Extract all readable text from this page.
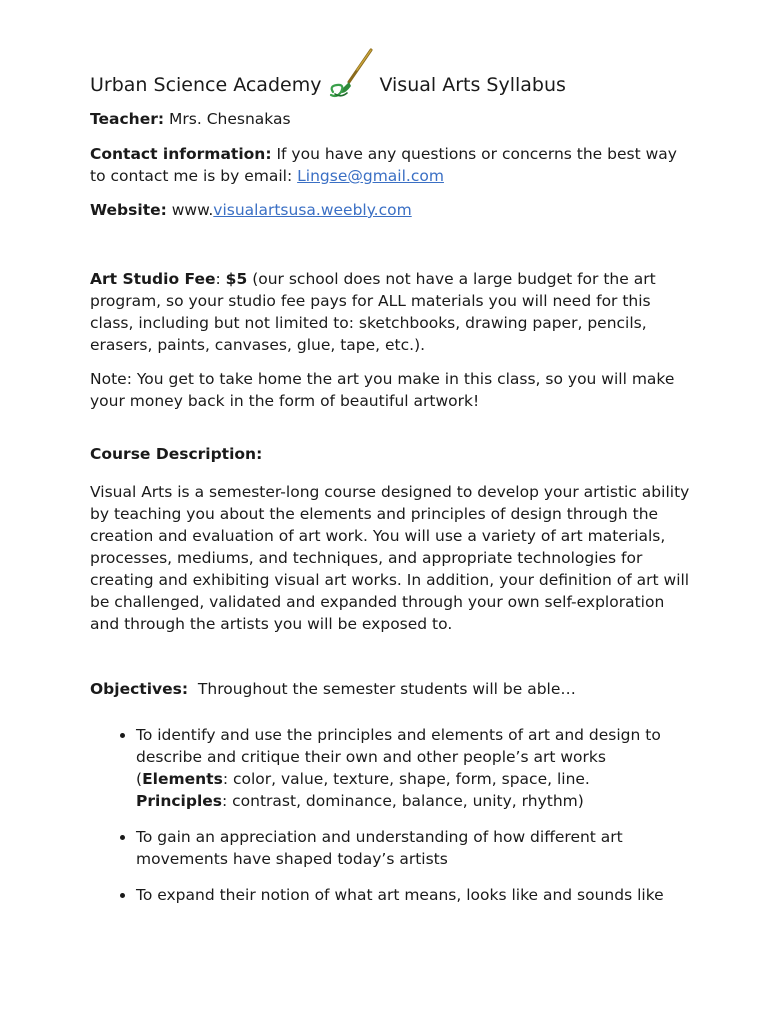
Urban Science Academy	Visual Arts Syllabus
Teacher: Mrs. Chesnakas
Contact information: If you have any questions or concerns the best way to contact me is by email: Lingse@gmail.com
Website: www.visualartsusa.weebly.com
Art Studio Fee: $5 (our school does not have a large budget for the art program, so your studio fee pays for ALL materials you will need for this class, including but not limited to: sketchbooks, drawing paper, pencils, erasers, paints, canvases, glue, tape, etc.).
Note: You get to take home the art you make in this class, so you will make your money back in the form of beautiful artwork!
Course Description:
Visual Arts is a semester-long course designed to develop your artistic ability by teaching you about the elements and principles of design through the creation and evaluation of art work. You will use a variety of art materials, processes, mediums, and techniques, and appropriate technologies for creating and exhibiting visual art works. In addition, your definition of art will be challenged, validated and expanded through your own self-exploration and through the artists you will be exposed to.
Objectives: Throughout the semester students will be able…
• To identify and use the principles and elements of art and design to describe and critique their own and other people’s art works (Elements: color, value, texture, shape, form, space, line.
Principles: contrast, dominance, balance, unity, rhythm)
• To gain an appreciation and understanding of how different art movements have shaped today’s artists
• To expand their notion of what art means, looks like and sounds like
